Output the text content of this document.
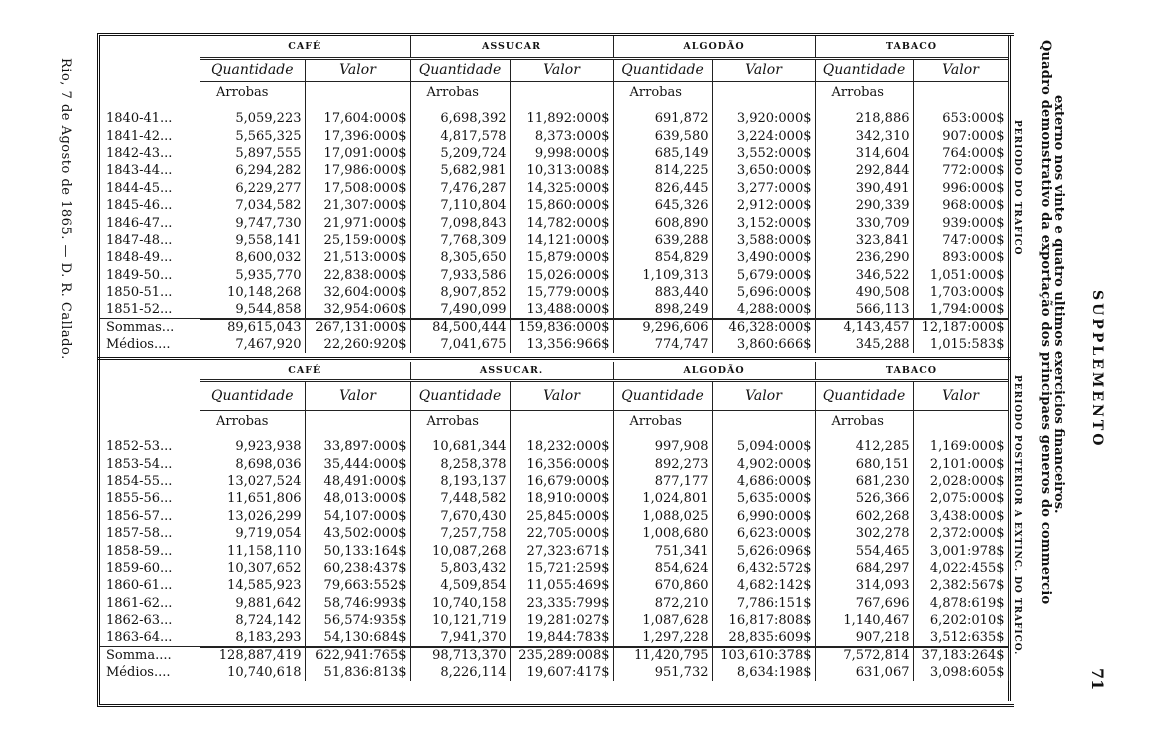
	CAFÉ		ASSUCAR		ALGODÃO		TABACO	
	Quantidade	Valor	Quantidade	Valor	Quantidade	Valor	Quantidade	Valor
	Arrobas		Arrobas		Arrobas		Arrobas	

1840-41...	5,059,223	17,604:000$	6,698,392	11,892:000$	691,872	3,920:000$	218,886	653:000$
1841-42...	5,565,325	17,396:000$	4,817,578	8,373:000$	639,580	3,224:000$	342,310	907:000$
1842-43...	5,897,555	17,091:000$	5,209,724	9,998:000$	685,149	3,552:000$	314,604	764:000$
1843-44...	6,294,282	17,986:000$	5,682,981	10,313:008$	814,225	3,650:000$	292,844	772:000$
1844-45...	6,229,277	17,508:000$	7,476,287	14,325:000$	826,445	3,277:000$	390,491	996:000$
1845-46...	7,034,582	21,307:000$	7,110,804	15,860:000$	645,326	2,912:000$	290,339	968:000$
1846-47...	9,747,730	21,971:000$	7,098,843	14,782:000$	608,890	3,152:000$	330,709	939:000$
1847-48...	9,558,141	25,159:000$	7,768,309	14,121:000$	639,288	3,588:000$	323,841	747:000$
1848-49...	8,600,032	21,513:000$	8,305,650	15,879:000$	854,829	3,490:000$	236,290	893:000$
1849-50...	5,935,770	22,838:000$	7,933,586	15,026:000$	1,109,313	5,679:000$	346,522	1,051:000$
1850-51...	10,148,268	32,604:000$	8,907,852	15,779:000$	883,440	5,696:000$	490,508	1,703:000$
1851-52...	9,544,858	32,954:060$	7,490,099	13,488:000$	898,249	4,288:000$	566,113	1,794:000$
Sommas...	89,615,043	267,131:000$	84,500,444	159,836:000$	9,296,606	46,328:000$	4,143,457	12,187:000$
Médios....	7,467,920	22,260:920$	7,041,675	13,356:966$	774,747	3,860:666$	345,288	1,015:583$
	CAFÉ		ASSUCAR.		ALGODÃO		TABACO	
	Quantidade	Valor	Quantidade	Valor	Quantidade	Valor	Quantidade	Valor
	Arrobas		Arrobas		Arrobas		Arrobas	

1852-53...	9,923,938	33,897:000$	10,681,344	18,232:000$	997,908	5,094:000$	412,285	1,169:000$
1853-54...	8,698,036	35,444:000$	8,258,378	16,356:000$	892,273	4,902:000$	680,151	2,101:000$
1854-55...	13,027,524	48,491:000$	8,193,137	16,679:000$	877,177	4,686:000$	681,230	2,028:000$
1855-56...	11,651,806	48,013:000$	7,448,582	18,910:000$	1,024,801	5,635:000$	526,366	2,075:000$
1856-57...	13,026,299	54,107:000$	7,670,430	25,845:000$	1,088,025	6,990:000$	602,268	3,438:000$
1857-58...	9,719,054	43,502:000$	7,257,758	22,705:000$	1,008,680	6,623:000$	302,278	2,372:000$
1858-59...	11,158,110	50,133:164$	10,087,268	27,323:671$	751,341	5,626:096$	554,465	3,001:978$
1859-60...	10,307,652	60,238:437$	5,803,432	15,721:259$	854,624	6,432:572$	684,297	4,022:455$
1860-61...	14,585,923	79,663:552$	4,509,854	11,055:469$	670,860	4,682:142$	314,093	2,382:567$
1861-62...	9,881,642	58,746:993$	10,740,158	23,335:799$	872,210	7,786:151$	767,696	4,878:619$
1862-63...	8,724,142	56,574:935$	10,121,719	19,281:027$	1,087,628	16,817:808$	1,140,467	6,202:010$
1863-64...	8,183,293	54,130:684$	7,941,370	19,844:783$	1,297,228	28,835:609$	907,218	3,512:635$
Somma....	128,887,419	622,941:765$	98,713,370	235,289:008$	11,420,795	103,610:378$	7,572,814	37,183:264$
Médios....	10,740,618	51,836:813$	8,226,114	19,607:417$	951,732	8,634:198$	631,067	3,098:605$
PERIODO DO TRAFICO
PERIODO POSTERIOR A EXTINC. DO TRAFICO. Quadro demonstrativo da exportação dos principaes generos do commercio
externo nos vinte e quatro ultimos exercicios financeiros. SUPPLEMENTO
71
Rio, 7 de Agosto de 1865. — D. R. Callado.
